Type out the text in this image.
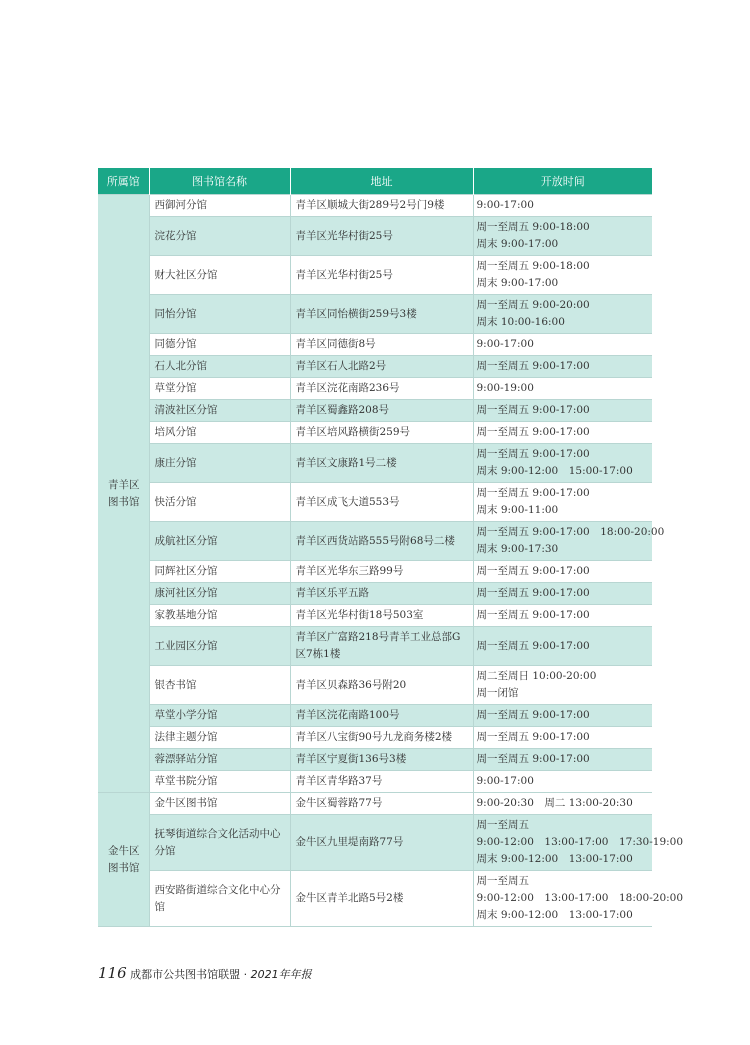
所属馆	图书馆名称	地址	开放时间

青羊区
图书馆	西御河分馆	青羊区顺城大街289号2号门9楼	9:00-17:00

	浣花分馆	青羊区光华村街25号	周一至周五 9:00-18:00
周末 9:00-17:00

	财大社区分馆	青羊区光华村街25号	周一至周五 9:00-18:00
周末 9:00-17:00

	同怡分馆	青羊区同怡横街259号3楼	周一至周五 9:00-20:00
周末 10:00-16:00

	同德分馆	青羊区同德街8号	9:00-17:00

	石人北分馆	青羊区石人北路2号	周一至周五 9:00-17:00

	草堂分馆	青羊区浣花南路236号	9:00-19:00

	清波社区分馆	青羊区蜀鑫路208号	周一至周五 9:00-17:00

	培风分馆	青羊区培风路横街259号	周一至周五 9:00-17:00

	康庄分馆	青羊区文康路1号二楼	周一至周五 9:00-17:00
周末 9:00-12:00　15:00-17:00

	快活分馆	青羊区成飞大道553号	周一至周五 9:00-17:00
周末 9:00-11:00

	成航社区分馆	青羊区西货站路555号附68号二楼	周一至周五 9:00-17:00　18:00-20:00
周末 9:00-17:30

	同辉社区分馆	青羊区光华东三路99号	周一至周五 9:00-17:00

	康河社区分馆	青羊区乐平五路	周一至周五 9:00-17:00

	家教基地分馆	青羊区光华村街18号503室	周一至周五 9:00-17:00

	工业园区分馆	青羊区广富路218号青羊工业总部G区7栋1楼	周一至周五 9:00-17:00

	银杏书馆	青羊区贝森路36号附20	周二至周日 10:00-20:00
周一闭馆

	草堂小学分馆	青羊区浣花南路100号	周一至周五 9:00-17:00

	法律主题分馆	青羊区八宝街90号九龙商务楼2楼	周一至周五 9:00-17:00

	蓉漂驿站分馆	青羊区宁夏街136号3楼	周一至周五 9:00-17:00

	草堂书院分馆	青羊区青华路37号	9:00-17:00

金牛区
图书馆	金牛区图书馆	金牛区蜀蓉路77号	9:00-20:30　周二 13:00-20:30

	抚琴街道综合文化活动中心分馆	金牛区九里堤南路77号	周一至周五
9:00-12:00　13:00-17:00　17:30-19:00
周末 9:00-12:00　13:00-17:00

	西安路街道综合文化中心分馆	金牛区青羊北路5号2楼	周一至周五
9:00-12:00　13:00-17:00　18:00-20:00
周末 9:00-12:00　13:00-17:00
116 成都市公共图书馆联盟 · 2021年年报
